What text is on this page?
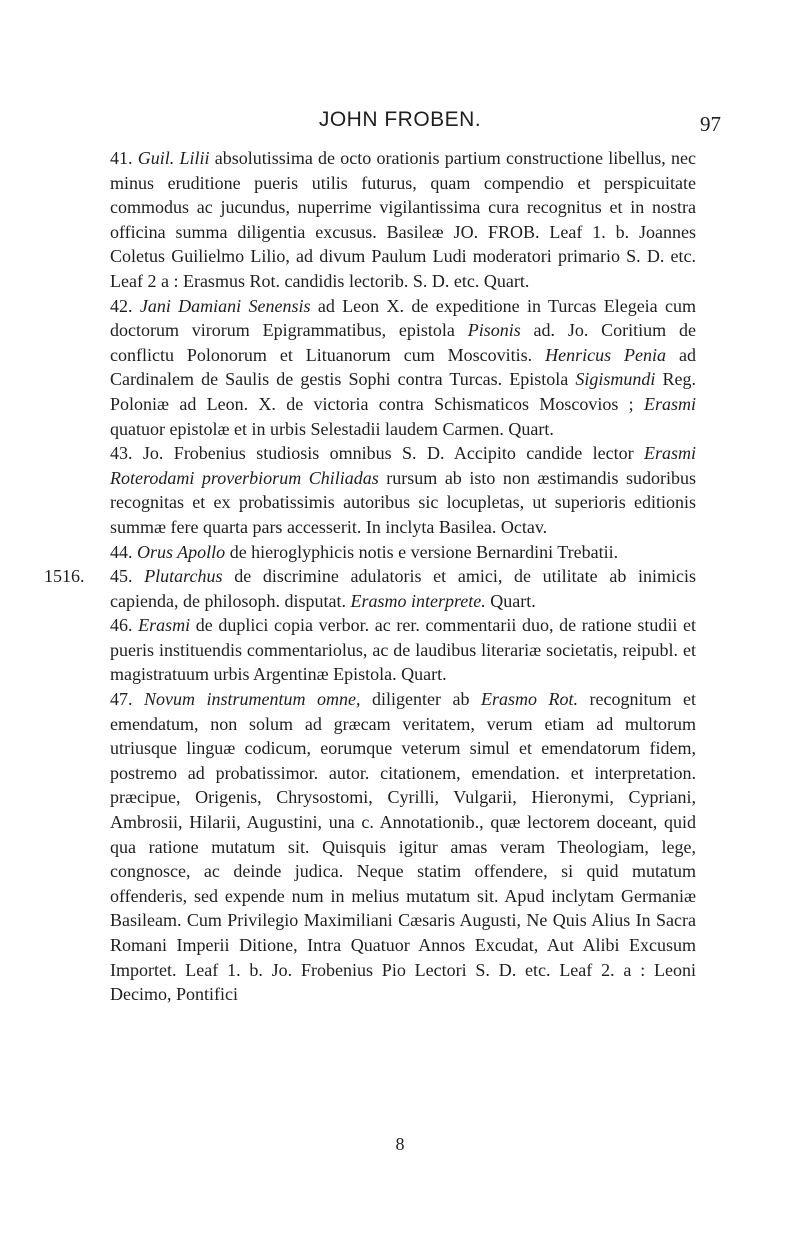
JOHN FROBEN.	97
1516.

41. Guil. Lilii absolutissima de octo orationis partium constructione libellus, nec minus eruditione pueris utilis futurus, quam compendio et perspicuitate commodus ac jucundus, nuperrime vigilantissima cura recognitus et in nostra officina summa diligentia excusus. Basileæ JO. FROB. Leaf 1. b. Joannes Coletus Guilielmo Lilio, ad divum Paulum Ludi moderatori primario S. D. etc. Leaf 2 a : Erasmus Rot. candidis lectorib. S. D. etc. Quart.

42. Jani Damiani Senensis ad Leon X. de expeditione in Turcas Elegeia cum doctorum virorum Epigrammatibus, epistola Pisonis ad. Jo. Coritium de conflictu Polonorum et Lituanorum cum Moscovitis. Henricus Penia ad Cardinalem de Saulis de gestis Sophi contra Turcas. Epistola Sigismundi Reg. Poloniæ ad Leon. X. de victoria contra Schismaticos Moscovios ; Erasmi quatuor epistolæ et in urbis Selestadii laudem Carmen. Quart.

43. Jo. Frobenius studiosis omnibus S. D. Accipito candide lector Erasmi Roterodami proverbiorum Chiliadas rursum ab isto non æstimandis sudoribus recognitas et ex probatissimis autoribus sic locupletas, ut superioris editionis summæ fere quarta pars accesserit. In inclyta Basilea. Octav.

44. Orus Apollo de hieroglyphicis notis e versione Bernardini Trebatii.

45. Plutarchus de discrimine adulatoris et amici, de utilitate ab inimicis capienda, de philosoph. disputat. Erasmo interprete. Quart.

46. Erasmi de duplici copia verbor. ac rer. commentarii duo, de ratione studii et pueris instituendis commentariolus, ac de laudibus literariæ societatis, reipubl. et magistratuum urbis Argentinæ Epistola. Quart.

47. Novum instrumentum omne, diligenter ab Erasmo Rot. recognitum et emendatum, non solum ad græcam veritatem, verum etiam ad multorum utriusque linguæ codicum, eorumque veterum simul et emendatorum fidem, postremo ad probatissimor. autor. citationem, emendation. et interpretation. præcipue, Origenis, Chrysostomi, Cyrilli, Vulgarii, Hieronymi, Cypriani, Ambrosii, Hilarii, Augustini, una c. Annotationib., quæ lectorem doceant, quid qua ratione mutatum sit. Quisquis igitur amas veram Theologiam, lege, congnosce, ac deinde judica. Neque statim offendere, si quid mutatum offenderis, sed expende num in melius mutatum sit. Apud inclytam Germaniæ Basileam. Cum Privilegio Maximiliani Cæsaris Augusti, Ne Quis Alius In Sacra Romani Imperii Ditione, Intra Quatuor Annos Excudat, Aut Alibi Excusum Importet. Leaf 1. b. Jo. Frobenius Pio Lectori S. D. etc. Leaf 2. a : Leoni Decimo, Pontifici

8
